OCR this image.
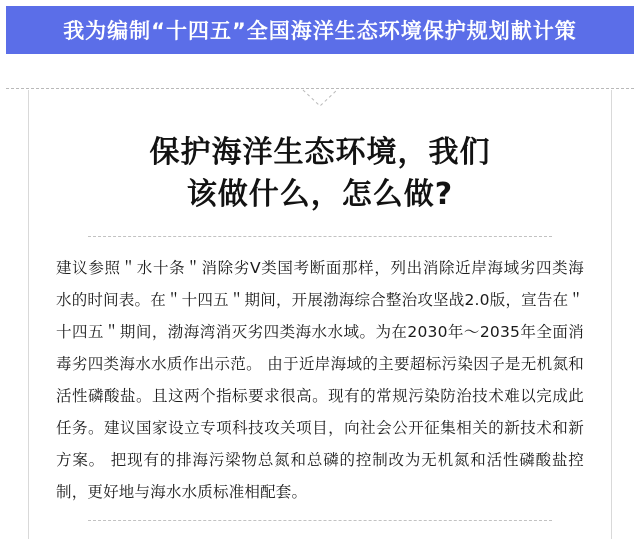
我为编制“十四五”全国海洋生态环境保护规划献计策
保护海洋生态环境，我们
该做什么，怎么做?
建议参照＂水十条＂消除劣V类国考断面那样，列出消除近岸海域劣四类海水的时间表。在＂十四五＂期间，开展渤海综合整治攻坚战2.0版，宣告在＂十四五＂期间，渤海湾消灭劣四类海水水域。为在2030年～2035年全面消毒劣四类海水水质作出示范。 由于近岸海域的主要超标污染因子是无机氮和活性磷酸盐。且这两个指标要求很高。现有的常规污染防治技术难以完成此任务。建议国家设立专项科技攻关项目，向社会公开征集相关的新技术和新方案。 把现有的排海污梁物总氮和总磷的控制改为无机氮和活性磷酸盐控制，更好地与海水水质标准相配套。
